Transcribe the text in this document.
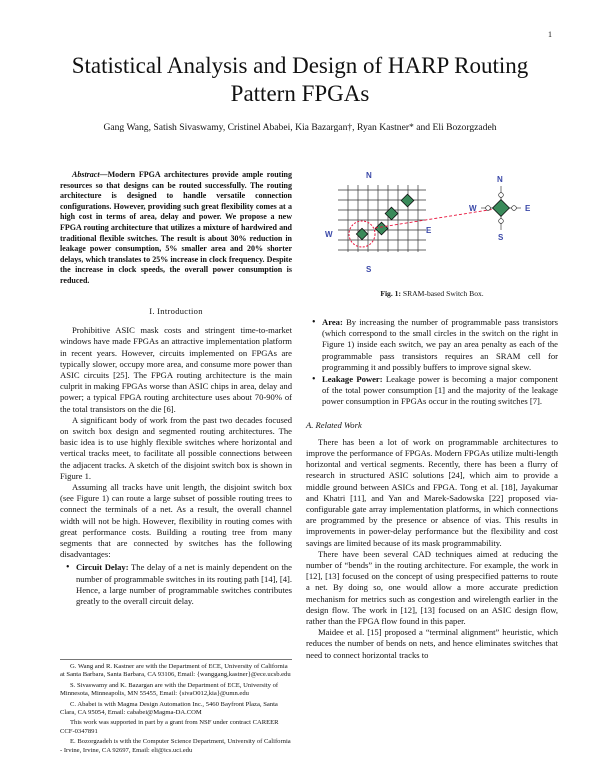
1
Statistical Analysis and Design of HARP Routing Pattern FPGAs
Gang Wang, Satish Sivaswamy, Cristinel Ababei, Kia Bazargan†, Ryan Kastner* and Eli Bozorgzadeh
Abstract—Modern FPGA architectures provide ample routing resources so that designs can be routed successfully. The routing architecture is designed to handle versatile connection configurations. However, providing such great flexibility comes at a high cost in terms of area, delay and power. We propose a new FPGA routing architecture that utilizes a mixture of hardwired and traditional flexible switches. The result is about 30% reduction in leakage power consumption, 5% smaller area and 20% shorter delays, which translates to 25% increase in clock frequency. Despite the increase in clock speeds, the overall power consumption is reduced.
I. Introduction

Prohibitive ASIC mask costs and stringent time-to-market windows have made FPGAs an attractive implementation platform in recent years. However, circuits implemented on FPGAs are typically slower, occupy more area, and consume more power than ASIC circuits [25]. The FPGA routing architecture is the main culprit in making FPGAs worse than ASIC chips in area, delay and power; a typical FPGA routing architecture uses about 70-90% of the total transistors on the die [6].

A significant body of work from the past two decades focused on switch box design and segmented routing architectures. The basic idea is to use highly flexible switches where horizontal and vertical tracks meet, to facilitate all possible connections between the adjacent tracks. A sketch of the disjoint switch box is shown in Figure 1.

Assuming all tracks have unit length, the disjoint switch box (see Figure 1) can route a large subset of possible routing trees to connect the terminals of a net. As a result, the overall channel width will not be high. However, flexibility in routing comes with great performance costs. Building a routing tree from many segments that are connected by switches has the following disadvantages:

• Circuit Delay: The delay of a net is mainly dependent on the number of programmable switches in its routing path [14], [4]. Hence, a large number of programmable switches contributes greatly to the overall circuit delay.

G. Wang and R. Kastner are with the Department of ECE, University of California at Santa Barbara, Santa Barbara, CA 93106, Email: {wanggang,kastner}@ece.ucsb.edu

S. Sivaswamy and K. Bazargan are with the Department of ECE, University of Minnesota, Minneapolis, MN 55455, Email: {sivaO012,kia}@umn.edu

C. Ababei is with Magma Design Automation Inc., 5460 Bayfront Plaza, Santa Clara, CA 95054, Email: cababei@Magma-DA.COM

This work was supported in part by a grant from NSF under contract CAREER CCF-0347891

E. Bozorgzadeh is with the Computer Science Department, University of California - Irvine, Irvine, CA 92697, Email: eli@ics.uci.edu

N
S
W	E
N
S
W	E
Fig. 1: SRAM-based Switch Box.
• Area: By increasing the number of programmable pass transistors (which correspond to the small circles in the switch on the right in Figure 1) inside each switch, we pay an area penalty as each of the programmable pass transistors requires an SRAM cell for programming it and possibly buffers to improve signal skew.
• Leakage Power: Leakage power is becoming a major component of the total power consumption [1] and the majority of the leakage power consumption in FPGAs occur in the routing switches [7].
A. Related Work

There has been a lot of work on programmable architectures to improve the performance of FPGAs. Modern FPGAs utilize multi-length horizontal and vertical segments. Recently, there has been a flurry of research in structured ASIC solutions [24], which aim to provide a middle ground between ASICs and FPGA. Tong et al. [18], Jayakumar and Khatri [11], and Yan and Marek-Sadowska [22] proposed via-configurable gate array implementation platforms, in which connections are programmed by the presence or absence of vias. This results in improvements in power-delay performance but the flexibility and cost savings are limited because of its mask programmability.

There have been several CAD techniques aimed at reducing the number of “bends” in the routing architecture. For example, the work in [12], [13] focused on the concept of using prespecified patterns to route a net. By doing so, one would allow a more accurate prediction mechanism for metrics such as congestion and wirelength earlier in the design flow. The work in [12], [13] focused on an ASIC design flow, rather than the FPGA flow found in this paper.

Maidee et al. [15] proposed a “terminal alignment” heuristic, which reduces the number of bends on nets, and hence eliminates switches that need to connect horizontal tracks to
